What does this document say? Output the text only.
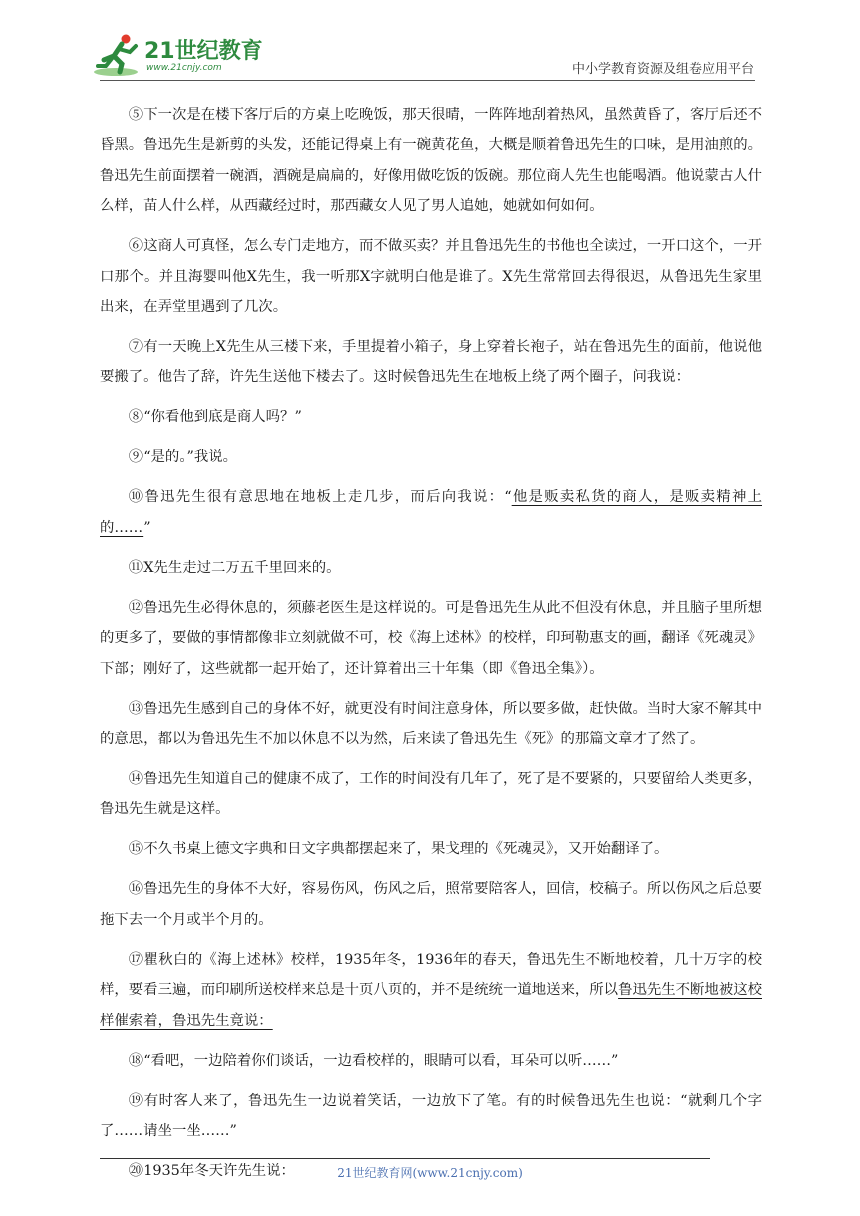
21世纪教育
www.21cnjy.com	中小学教育资源及组卷应用平台

⑤下一次是在楼下客厅后的方桌上吃晚饭，那天很晴，一阵阵地刮着热风，虽然黄昏了，客厅后还不昏黑。鲁迅先生是新剪的头发，还能记得桌上有一碗黄花鱼，大概是顺着鲁迅先生的口味，是用油煎的。鲁迅先生前面摆着一碗酒，酒碗是扁扁的，好像用做吃饭的饭碗。那位商人先生也能喝酒。他说蒙古人什么样，苗人什么样，从西藏经过时，那西藏女人见了男人追她，她就如何如何。

⑥这商人可真怪，怎么专门走地方，而不做买卖？并且鲁迅先生的书他也全读过，一开口这个，一开口那个。并且海婴叫他X先生，我一听那X字就明白他是谁了。X先生常常回去得很迟，从鲁迅先生家里出来，在弄堂里遇到了几次。

⑦有一天晚上X先生从三楼下来，手里提着小箱子，身上穿着长袍子，站在鲁迅先生的面前，他说他要搬了。他告了辞，许先生送他下楼去了。这时候鲁迅先生在地板上绕了两个圈子，问我说：

⑧“你看他到底是商人吗？”

⑨“是的。”我说。

⑩鲁迅先生很有意思地在地板上走几步，而后向我说：“他是贩卖私货的商人，是贩卖精神上的……”

⑪X先生走过二万五千里回来的。

⑫鲁迅先生必得休息的，须藤老医生是这样说的。可是鲁迅先生从此不但没有休息，并且脑子里所想的更多了，要做的事情都像非立刻就做不可，校《海上述林》的校样，印珂勒惠支的画，翻译《死魂灵》下部；刚好了，这些就都一起开始了，还计算着出三十年集（即《鲁迅全集》）。

⑬鲁迅先生感到自己的身体不好，就更没有时间注意身体，所以要多做，赶快做。当时大家不解其中的意思，都以为鲁迅先生不加以休息不以为然，后来读了鲁迅先生《死》的那篇文章才了然了。

⑭鲁迅先生知道自己的健康不成了，工作的时间没有几年了，死了是不要紧的，只要留给人类更多，鲁迅先生就是这样。

⑮不久书桌上德文字典和日文字典都摆起来了，果戈理的《死魂灵》，又开始翻译了。

⑯鲁迅先生的身体不大好，容易伤风，伤风之后，照常要陪客人，回信，校稿子。所以伤风之后总要拖下去一个月或半个月的。

⑰瞿秋白的《海上述林》校样，1935年冬，1936年的春天，鲁迅先生不断地校着，几十万字的校样，要看三遍，而印刷所送校样来总是十页八页的，并不是统统一道地送来，所以鲁迅先生不断地被这校样催索着，鲁迅先生竟说：

⑱“看吧，一边陪着你们谈话，一边看校样的，眼睛可以看，耳朵可以听……”

⑲有时客人来了，鲁迅先生一边说着笑话，一边放下了笔。有的时候鲁迅先生也说：“就剩几个字了……请坐一坐……”

⑳1935年冬天许先生说：	21世纪教育网(www.21cnjy.com)
